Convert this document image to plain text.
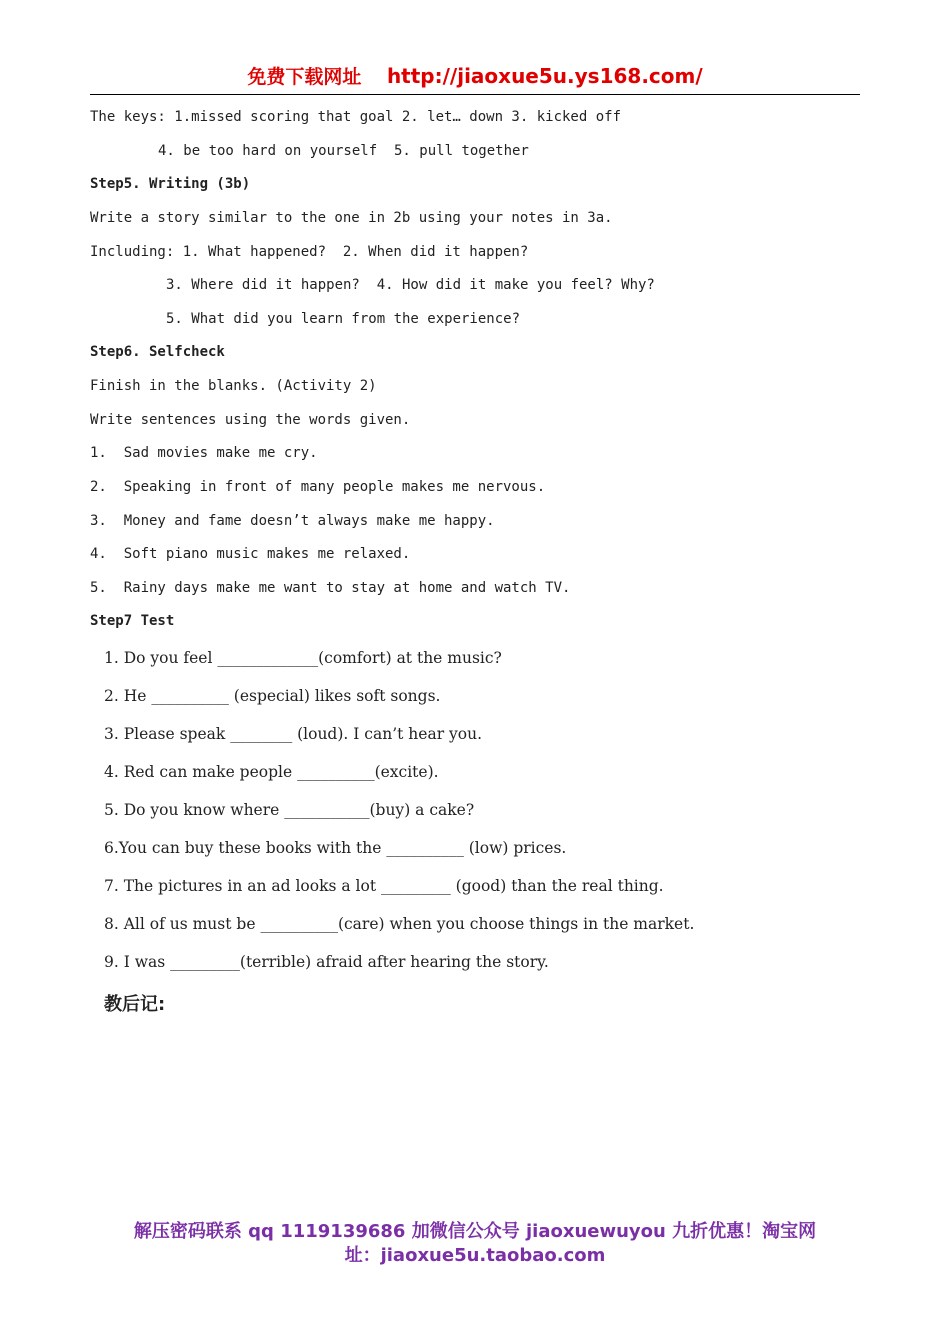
免费下载网址 http://jiaoxue5u.ys168.com/
The keys: 1.missed scoring that goal 2. let… down 3. kicked off
4. be too hard on yourself  5. pull together
Step5. Writing (3b)
Write a story similar to the one in 2b using your notes in 3a.
Including: 1. What happened?  2. When did it happen?
3. Where did it happen?  4. How did it make you feel? Why?
5. What did you learn from the experience?
Step6. Selfcheck
Finish in the blanks. (Activity 2)
Write sentences using the words given.
1.  Sad movies make me cry.
2.  Speaking in front of many people makes me nervous.
3.  Money and fame doesn’t always make me happy.
4.  Soft piano music makes me relaxed.
5.  Rainy days make me want to stay at home and watch TV.
Step7 Test
1. Do you feel _____________(comfort) at the music?
2. He __________ (especial) likes soft songs.
3. Please speak ________ (loud). I can’t hear you.
4. Red can make people __________(excite).
5. Do you know where ___________(buy) a cake?
6.You can buy these books with the __________ (low) prices.
7. The pictures in an ad looks a lot _________ (good) than the real thing.
8. All of us must be __________(care) when you choose things in the market.
9. I was _________(terrible) afraid after hearing the story.
教后记:
解压密码联系 qq 1119139686 加微信公众号 jiaoxuewuyou 九折优惠！淘宝网
址：jiaoxue5u.taobao.com
